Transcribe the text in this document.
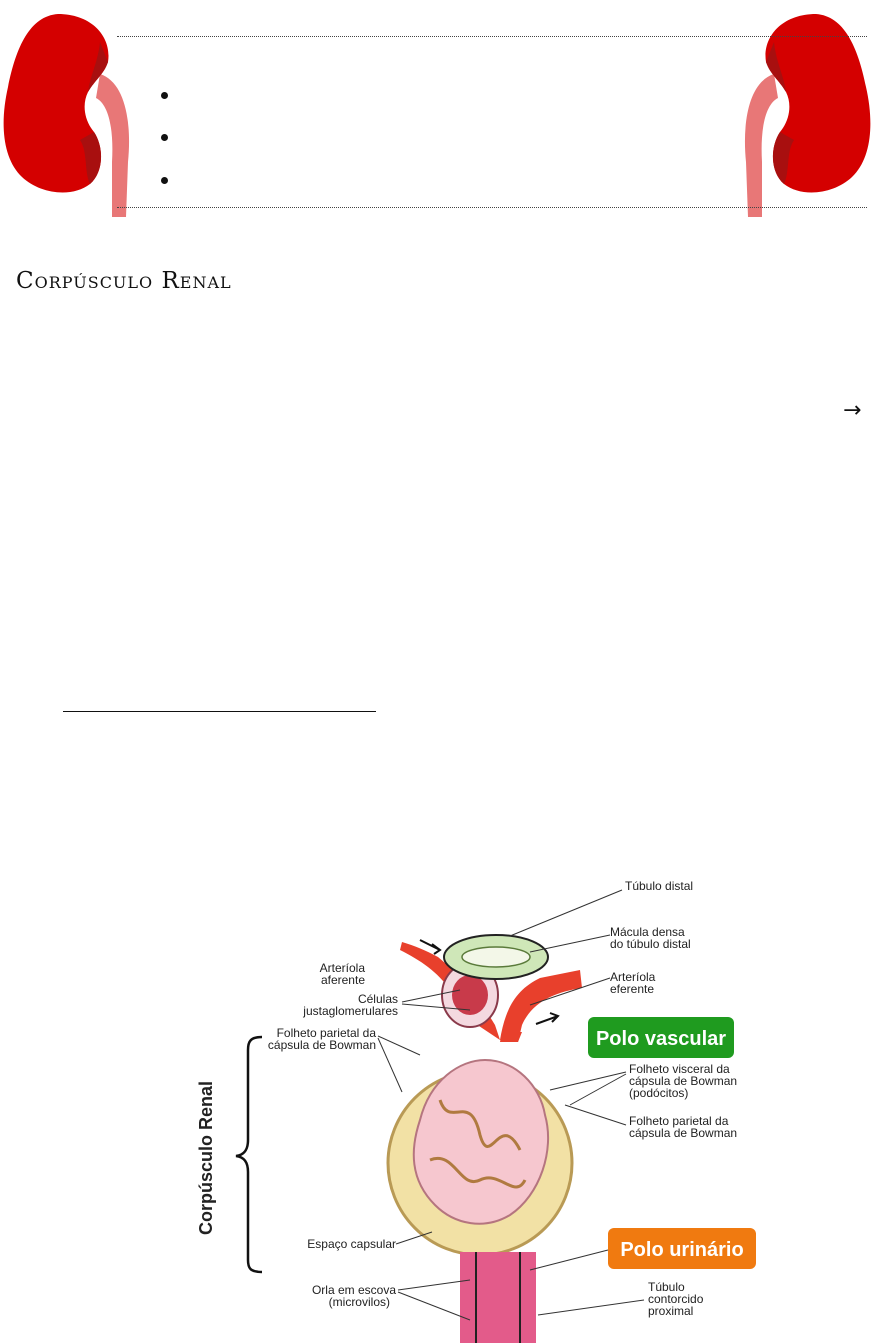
Corpúsculo Renal
→
Corpúsculo Renal
Polo vascular
Polo urinário
Túbulo distal
Mácula densa
do túbulo distal
Arteríola
aferente	Arteríola
eferente
Células
justaglomerulares
Folheto parietal da
cápsula de Bowman
Folheto visceral da
cápsula de Bowman
(podócitos)
Folheto parietal da
cápsula de Bowman
Espaço capsular
Orla em escova
(microvilos)
Túbulo
contorcido
proximal
